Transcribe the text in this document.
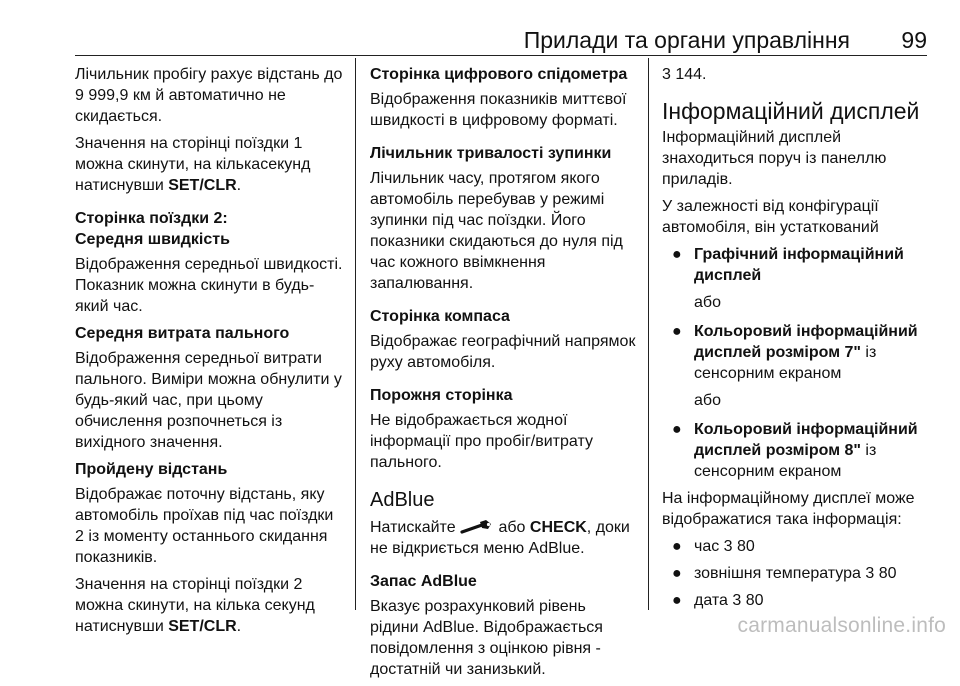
Прилади та органи управління 99

Лічильник пробігу рахує відстань до 9 999,9 км й автоматично не скидається.

Значення на сторінці поїздки 1 можна скинути, на кількасекунд натиснувши SET/CLR.

Сторінка поїздки 2:

Середня швидкість

Відображення середньої швидкості. Показник можна скинути в будь-який час.

Середня витрата пального

Відображення середньої витрати пального. Виміри можна обнулити у будь-який час, при цьому обчислення розпочнеться із вихідного значення.

Пройдену відстань

Відображає поточну відстань, яку автомобіль проїхав під час поїздки 2 із моменту останнього скидання показників.

Значення на сторінці поїздки 2 можна скинути, на кілька секунд натиснувши SET/CLR.

Сторінка цифрового спідометра

Відображення показників миттєвої швидкості в цифровому форматі.

Лічильник тривалості зупинки

Лічильник часу, протягом якого автомобіль перебував у режимі зупинки під час поїздки. Його показники скидаються до нуля під час кожного ввімкнення запалювання.

Сторінка компаса

Відображає географічний напрямок руху автомобіля.

Порожня сторінка

Не відображається жодної інформації про пробіг/витрату пального.

AdBlue

Натискайте  або CHECK, доки не відкриється меню AdBlue.

Запас AdBlue

Вказує розрахунковий рівень рідини AdBlue. Відображається повідомлення з оцінкою рівня - достатній чи занизький.

3 144.

Інформаційний дисплей

Інформаційний дисплей знаходиться поруч із панеллю приладів.

У залежності від конфігурації автомобіля, він устаткований

● Графічний інформаційний дисплей

або

● Кольоровий інформаційний дисплей розміром 7" із сенсорним екраном

або

● Кольоровий інформаційний дисплей розміром 8" із сенсорним екраном

На інформаційному дисплеї може відображатися така інформація:

● час 3 80
● зовнішня температура 3 80
● дата 3 80
carmanualsonline.info
